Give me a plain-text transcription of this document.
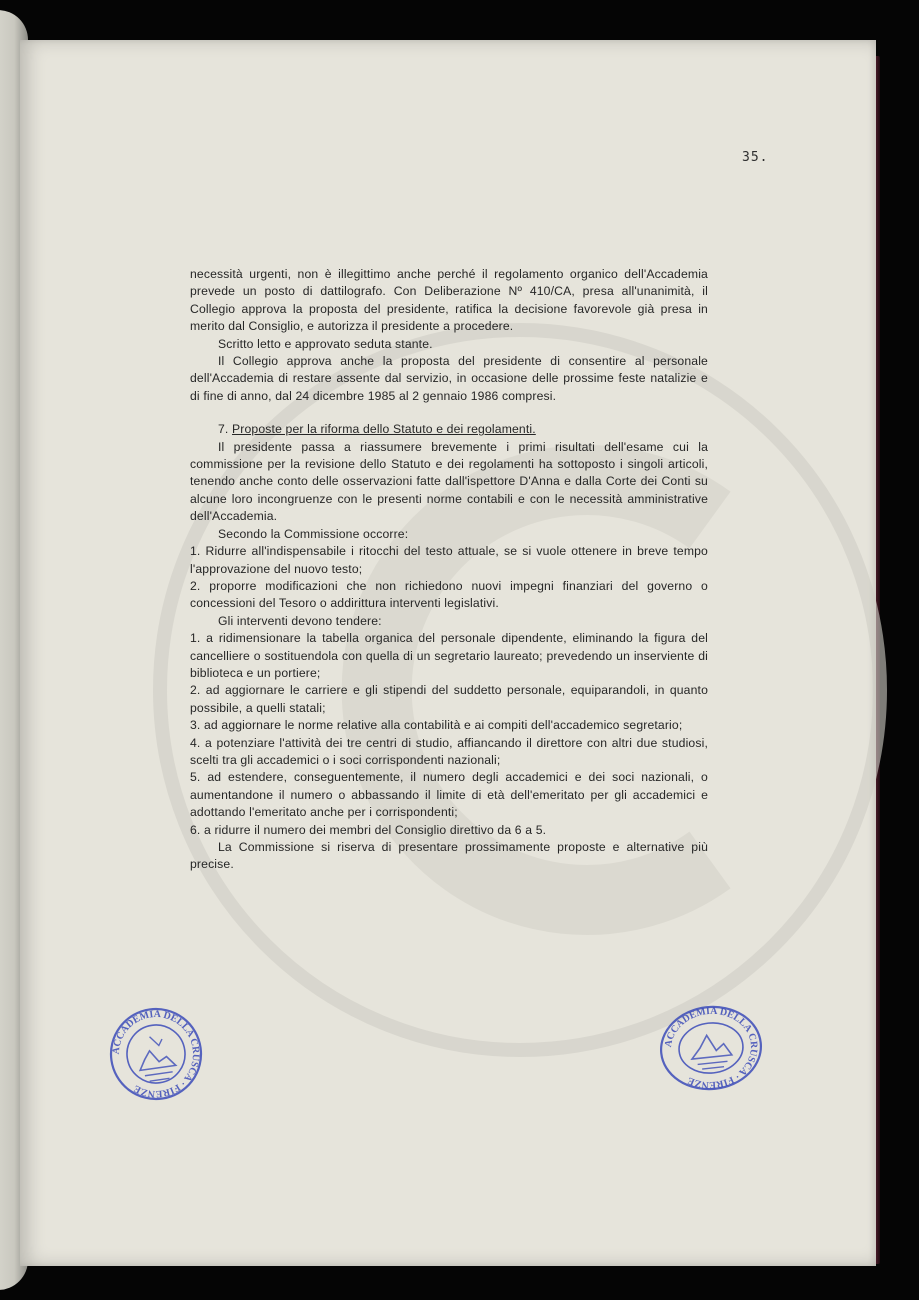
35.

necessità urgenti, non è illegittimo anche perché il regolamento organico dell'Accademia prevede un posto di dattilografo. Con Deliberazione Nº 410/CA, presa all'unanimità, il Collegio approva la proposta del presidente, ratifica la decisione favorevole già presa in merito dal Consiglio, e autorizza il presidente a procedere.

Scritto letto e approvato seduta stante.

Il Collegio approva anche la proposta del presidente di consentire al personale dell'Accademia di restare assente dal servizio, in occasione delle prossime feste natalizie e di fine di anno, dal 24 dicembre 1985 al 2 gennaio 1986 compresi.

7. Proposte per la riforma dello Statuto e dei regolamenti.

Il presidente passa a riassumere brevemente i primi risultati dell'esame cui la commissione per la revisione dello Statuto e dei regolamenti ha sottoposto i singoli articoli, tenendo anche conto delle osservazioni fatte dall'ispettore D'Anna e dalla Corte dei Conti su alcune loro incongruenze con le presenti norme contabili e con le necessità amministrative dell'Accademia.

Secondo la Commissione occorre:

1. Ridurre all'indispensabile i ritocchi del testo attuale, se si vuole ottenere in breve tempo l'approvazione del nuovo testo;

2. proporre modificazioni che non richiedono nuovi impegni finanziari del governo o concessioni del Tesoro o addirittura interventi legislativi.

Gli interventi devono tendere:

1. a ridimensionare la tabella organica del personale dipendente, eliminando la figura del cancelliere o sostituendola con quella di un segretario laureato; prevedendo un inserviente di biblioteca e un portiere;

2. ad aggiornare le carriere e gli stipendi del suddetto personale, equiparandoli, in quanto possibile, a quelli statali;

3. ad aggiornare le norme relative alla contabilità e ai compiti dell'accademico segretario;

4. a potenziare l'attività dei tre centri di studio, affiancando il direttore con altri due studiosi, scelti tra gli accademici o i soci corrispondenti nazionali;

5. ad estendere, conseguentemente, il numero degli accademici e dei soci nazionali, o aumentandone il numero o abbassando il limite di età dell'emeritato per gli accademici e adottando l'emeritato anche per i corrispondenti;

6. a ridurre il numero dei membri del Consiglio direttivo da 6 a 5.

La Commissione si riserva di presentare prossimamente proposte e alternative più precise.

ACCADEMIA DELLA CRUSCA · FIRENZE
ACCADEMIA DELLA CRUSCA · FIRENZE
